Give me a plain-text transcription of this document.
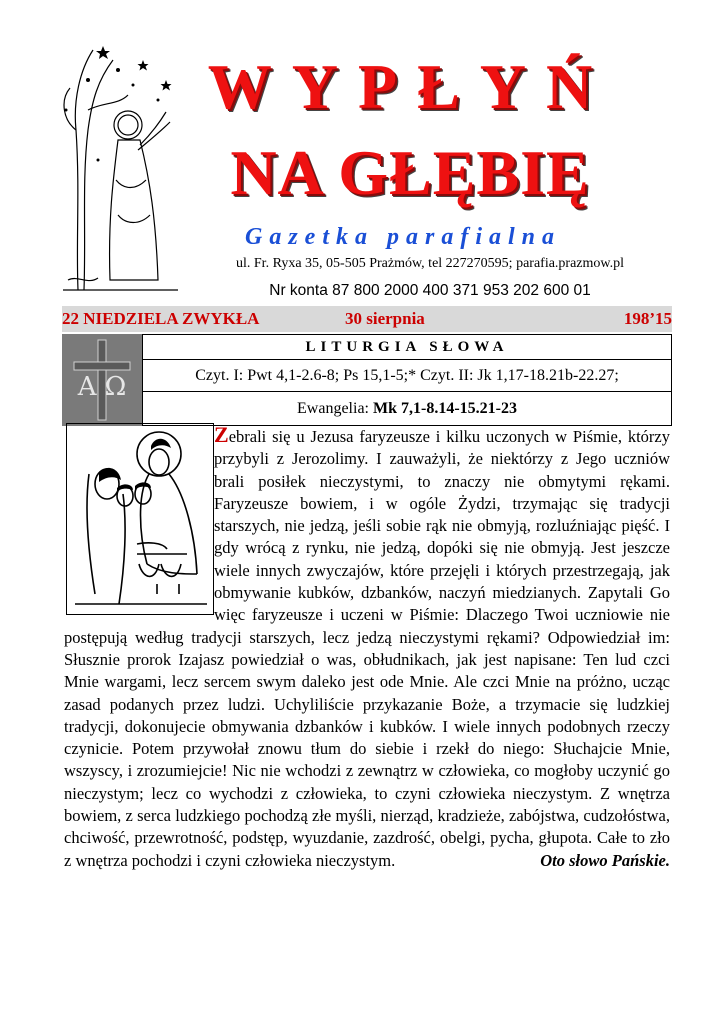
WYPŁYŃ
NA GŁĘBIĘ
Gazetka parafialna
ul. Fr. Ryxa 35, 05-505 Prażmów, tel 227270595; parafia.prazmow.pl
Nr konta 87 800 2000 400 371 953 202 600 01
22 NIEDZIELA ZWYKŁA	30 sierpnia	198’15
A Ω
LITURGIA SŁOWA
Czyt. I: Pwt 4,1-2.6-8; Ps 15,1-5;* Czyt. II: Jk 1,17-18.21b-22.27;
Ewangelia: Mk 7,1-8.14-15.21-23
Zebrali się u Jezusa faryzeusze i kilku uczonych w Piśmie, którzy przybyli z Jerozolimy. I zauważyli, że niektórzy z Jego uczniów brali posiłek nieczystymi, to znaczy nie obmytymi rękami. Faryzeusze bowiem, i w ogóle Żydzi, trzymając się tradycji starszych, nie jedzą, jeśli sobie rąk nie obmyją, rozluźniając pięść. I gdy wrócą z rynku, nie jedzą, dopóki się nie obmyją. Jest jeszcze wiele innych zwyczajów, które przejęli i których przestrzegają, jak obmywanie kubków, dzbanków, naczyń miedzianych. Zapytali Go więc faryzeusze i uczeni w Piśmie: Dlaczego Twoi uczniowie nie postępują według tradycji starszych, lecz jedzą nieczystymi rękami? Odpowiedział im: Słusznie prorok Izajasz powiedział o was, obłudnikach, jak jest napisane: Ten lud czci Mnie wargami, lecz sercem swym daleko jest ode Mnie. Ale czci Mnie na próżno, ucząc zasad podanych przez ludzi. Uchyliliście przykazanie Boże, a trzymacie się ludzkiej tradycji, dokonujecie obmywania dzbanków i kubków. I wiele innych podobnych rzeczy czynicie. Potem przywołał znowu tłum do siebie i rzekł do niego: Słuchajcie Mnie, wszyscy, i zrozumiejcie! Nic nie wchodzi z zewnątrz w człowieka, co mogłoby uczynić go nieczystym; lecz co wychodzi z człowieka, to czyni człowieka nieczystym. Z wnętrza bowiem, z serca ludzkiego pochodzą złe myśli, nierząd, kradzieże, zabójstwa, cudzołóstwa, chciwość, przewrotność, podstęp, wyuzdanie, zazdrość, obelgi, pycha, głupota. Całe to zło z wnętrza pochodzi i czyni człowieka nieczystym.	Oto słowo Pańskie.
